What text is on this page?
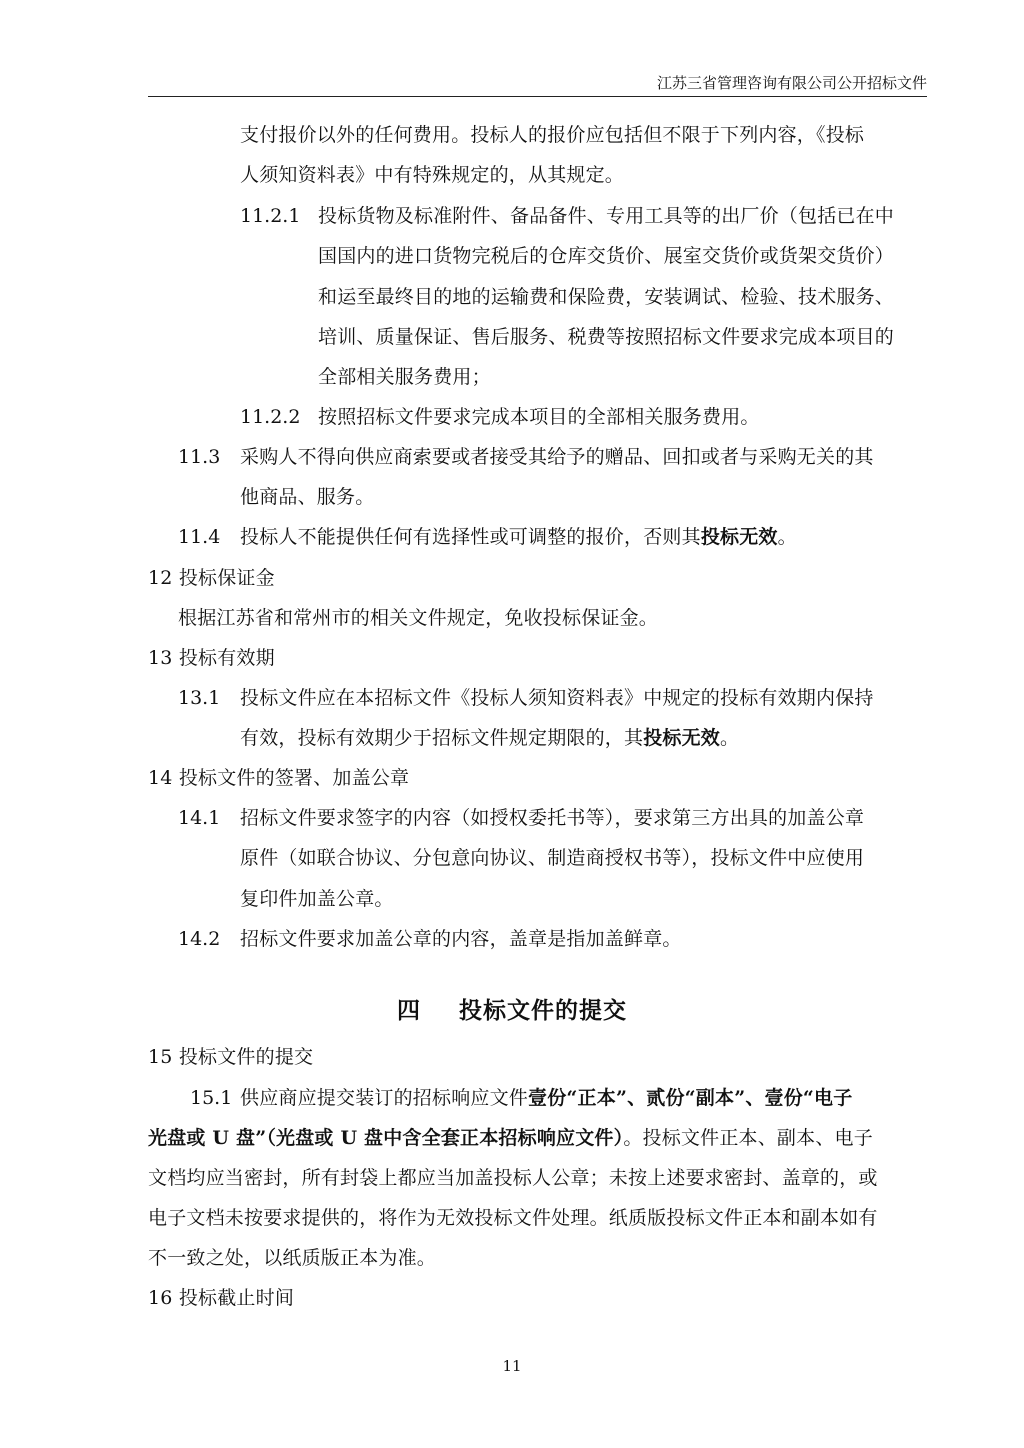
江苏三省管理咨询有限公司公开招标文件
支付报价以外的任何费用。投标人的报价应包括但不限于下列内容，《投标
人须知资料表》中有特殊规定的，从其规定。
11.2.1 投标货物及标准附件、备品备件、专用工具等的出厂价（包括已在中
国国内的进口货物完税后的仓库交货价、展室交货价或货架交货价）
和运至最终目的地的运输费和保险费，安装调试、检验、技术服务、
培训、质量保证、售后服务、税费等按照招标文件要求完成本项目的
全部相关服务费用；
11.2.2 按照招标文件要求完成本项目的全部相关服务费用。
11.3 采购人不得向供应商索要或者接受其给予的赠品、回扣或者与采购无关的其
他商品、服务。
11.4 投标人不能提供任何有选择性或可调整的报价，否则其投标无效。
12 投标保证金
根据江苏省和常州市的相关文件规定，免收投标保证金。
13 投标有效期
13.1 投标文件应在本招标文件《投标人须知资料表》中规定的投标有效期内保持
有效，投标有效期少于招标文件规定期限的，其投标无效。
14 投标文件的签署、加盖公章
14.1 招标文件要求签字的内容（如授权委托书等），要求第三方出具的加盖公章
原件（如联合协议、分包意向协议、制造商授权书等），投标文件中应使用
复印件加盖公章。
14.2 招标文件要求加盖公章的内容，盖章是指加盖鲜章。
四 投标文件的提交
15 投标文件的提交
15.1 供应商应提交装订的招标响应文件壹份“正本”、贰份“副本”、壹份“电子
光盘或 U 盘”（光盘或 U 盘中含全套正本招标响应文件）。投标文件正本、副本、电子
文档均应当密封，所有封袋上都应当加盖投标人公章；未按上述要求密封、盖章的，或
电子文档未按要求提供的，将作为无效投标文件处理。纸质版投标文件正本和副本如有
不一致之处，以纸质版正本为准。
16 投标截止时间
11
